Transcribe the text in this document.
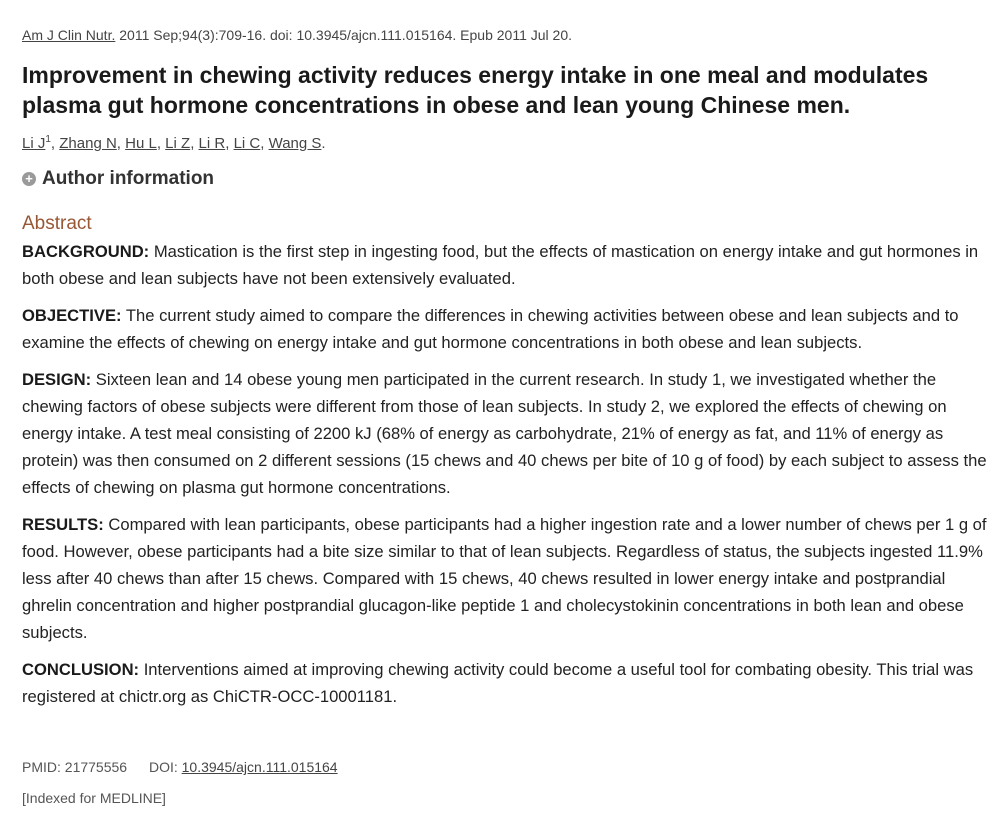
Am J Clin Nutr. 2011 Sep;94(3):709-16. doi: 10.3945/ajcn.111.015164. Epub 2011 Jul 20.
Improvement in chewing activity reduces energy intake in one meal and modulates plasma gut hormone concentrations in obese and lean young Chinese men.
Li $J^1$, Zhang N, Hu L, Li Z, Li R, Li C, Wang S.
+ Author information
Abstract

BACKGROUND: Mastication is the first step in ingesting food, but the effects of mastication on energy intake and gut hormones in both obese and lean subjects have not been extensively evaluated.

OBJECTIVE: The current study aimed to compare the differences in chewing activities between obese and lean subjects and to examine the effects of chewing on energy intake and gut hormone concentrations in both obese and lean subjects.

DESIGN: Sixteen lean and 14 obese young men participated in the current research. In study 1, we investigated whether the chewing factors of obese subjects were different from those of lean subjects. In study 2, we explored the effects of chewing on energy intake. A test meal consisting of 2200 kJ (68% of energy as carbohydrate, 21% of energy as fat, and 11% of energy as protein) was then consumed on 2 different sessions (15 chews and 40 chews per bite of 10 g of food) by each subject to assess the effects of chewing on plasma gut hormone concentrations.

RESULTS: Compared with lean participants, obese participants had a higher ingestion rate and a lower number of chews per 1 g of food. However, obese participants had a bite size similar to that of lean subjects. Regardless of status, the subjects ingested 11.9% less after 40 chews than after 15 chews. Compared with 15 chews, 40 chews resulted in lower energy intake and postprandial ghrelin concentration and higher postprandial glucagon-like peptide 1 and cholecystokinin concentrations in both lean and obese subjects.

CONCLUSION: Interventions aimed at improving chewing activity could become a useful tool for combating obesity. This trial was registered at chictr.org as ChiCTR-OCC-10001181.

PMID: 21775556 DOI: 10.3945/ajcn.111.015164
[Indexed for MEDLINE]
